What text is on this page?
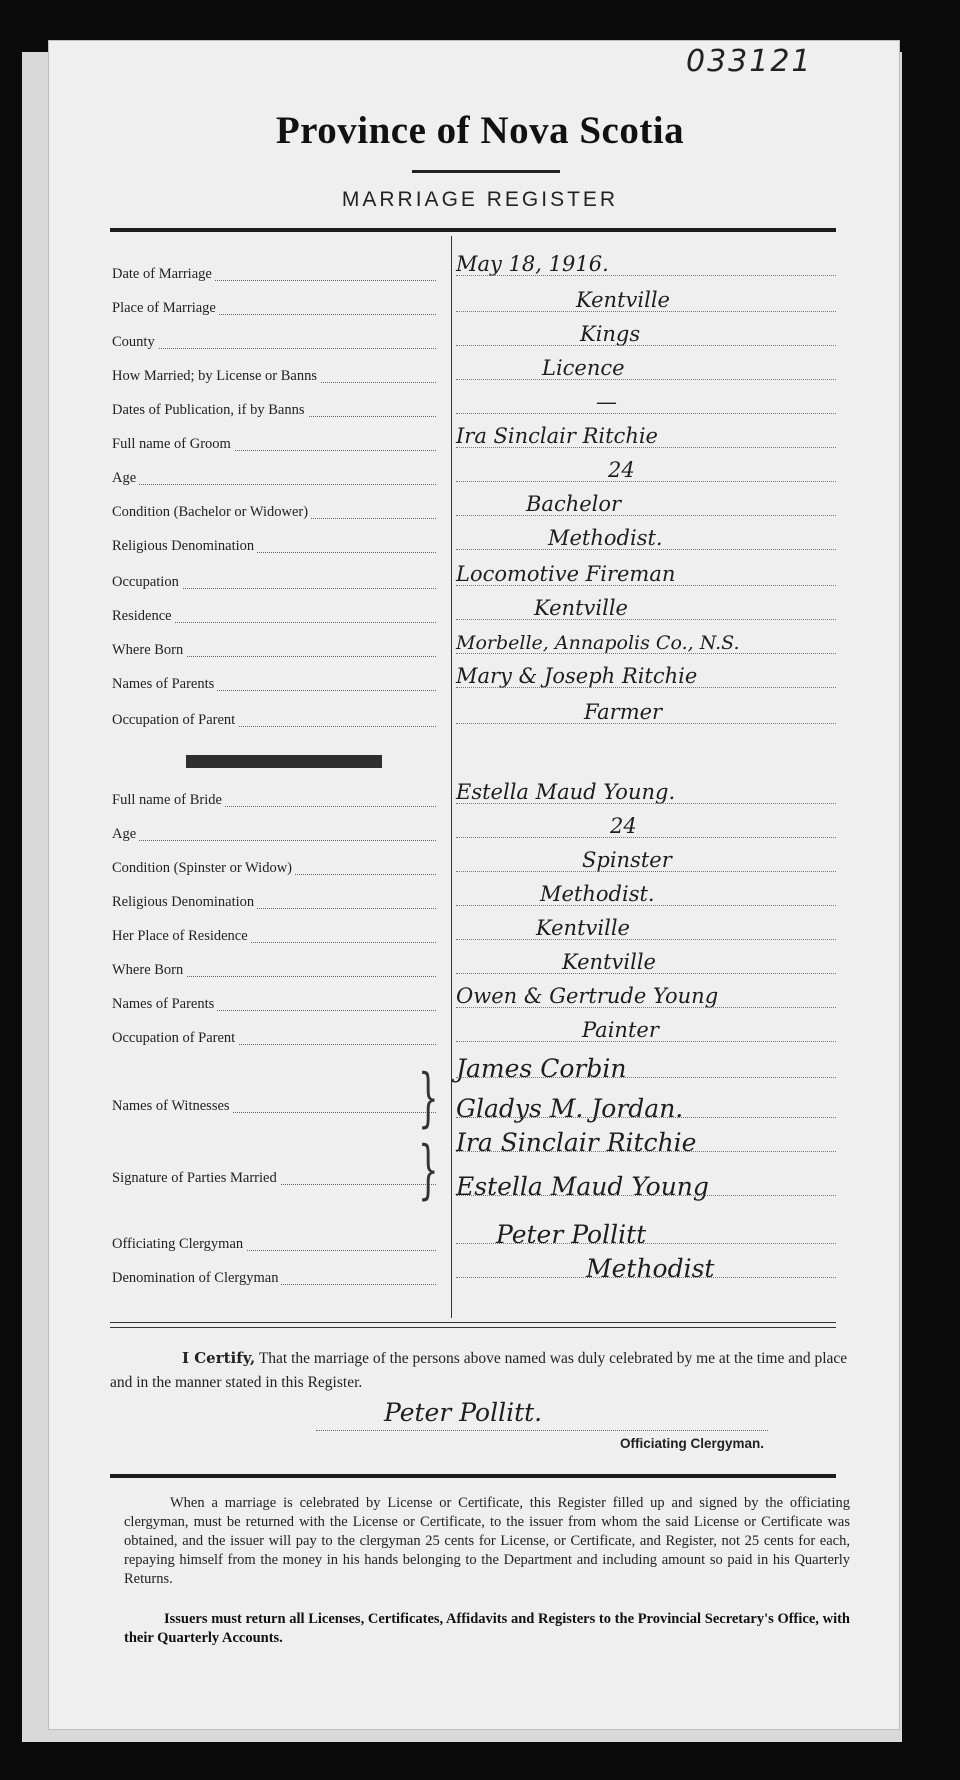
033121
Province of Nova Scotia
MARRIAGE REGISTER
Date of Marriage	May 18, 1916.
Place of Marriage	Kentville
County	Kings
How Married; by License or Banns	Licence
Dates of Publication, if by Banns	—
Full name of Groom	Ira Sinclair Ritchie
Age	24
Condition (Bachelor or Widower)	Bachelor
Religious Denomination	Methodist.
Occupation	Locomotive Fireman
Residence	Kentville
Where Born	Morbelle, Annapolis Co., N.S.
Names of Parents	Mary & Joseph Ritchie
Occupation of Parent	Farmer
Full name of Bride	Estella Maud Young.
Age	24
Condition (Spinster or Widow)	Spinster
Religious Denomination	Methodist.
Her Place of Residence	Kentville
Where Born	Kentville
Names of Parents	Owen & Gertrude Young
Occupation of Parent	Painter
Names of Witnesses	} James Corbin
Gladys M. Jordan.
Signature of Parties Married	} Ira Sinclair Ritchie
Estella Maud Young
Officiating Clergyman	Peter Pollitt
Denomination of Clergyman	Methodist
I Certify, That the marriage of the persons above named was duly celebrated by me at the time and place and in the manner stated in this Register.
Peter Pollitt.
Officiating Clergyman.
When a marriage is celebrated by License or Certificate, this Register filled up and signed by the officiating clergyman, must be returned with the License or Certificate, to the issuer from whom the said License or Certificate was obtained, and the issuer will pay to the clergyman 25 cents for License, or Certificate, and Register, not 25 cents for each, repaying himself from the money in his hands belonging to the Department and including amount so paid in his Quarterly Returns.
Issuers must return all Licenses, Certificates, Affidavits and Registers to the Provincial Secretary's Office, with their Quarterly Accounts.
